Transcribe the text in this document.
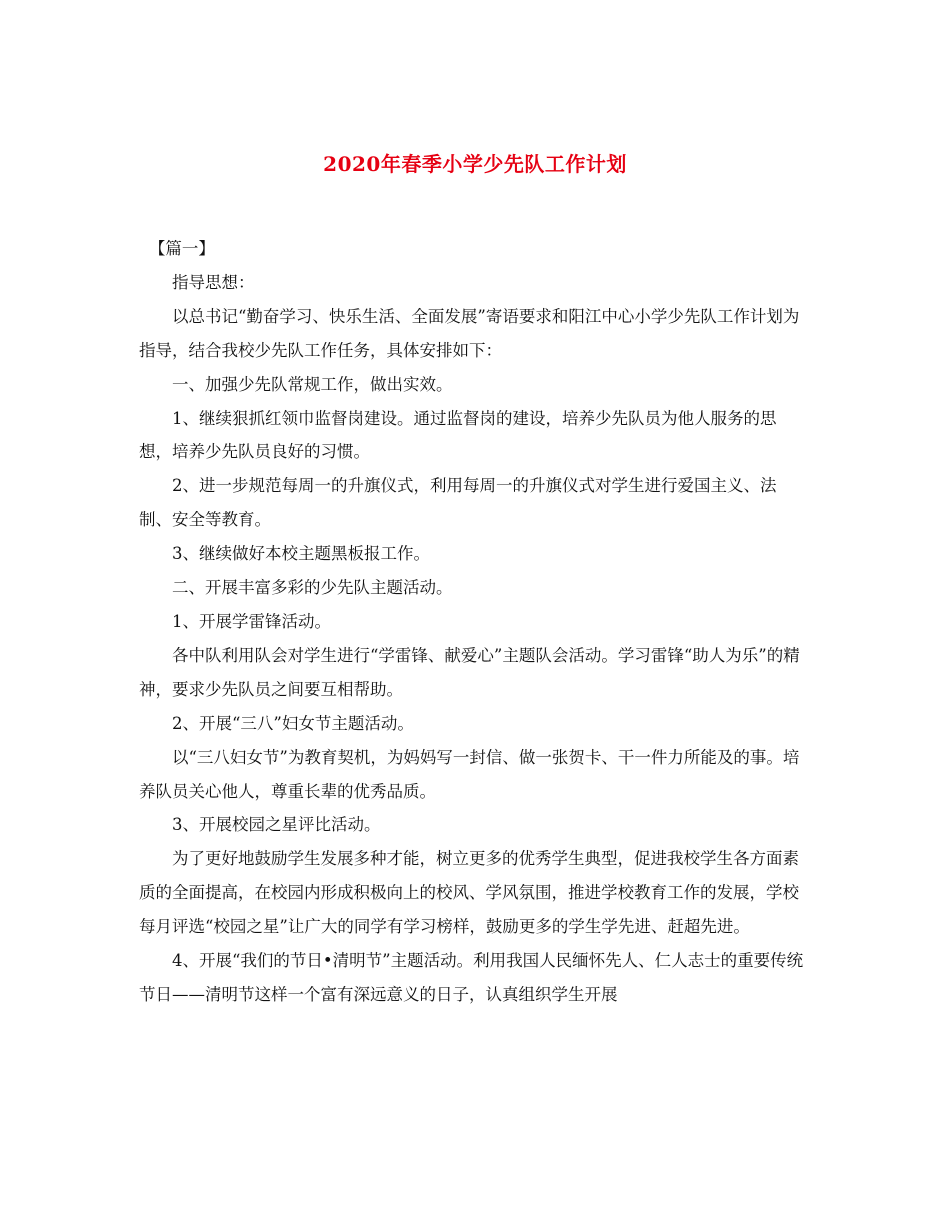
2020年春季小学少先队工作计划

【篇一】

指导思想：

以总书记“勤奋学习、快乐生活、全面发展”寄语要求和阳江中心小学少先队工作计划为指导，结合我校少先队工作任务，具体安排如下：

一、加强少先队常规工作，做出实效。

1、继续狠抓红领巾监督岗建设。通过监督岗的建设，培养少先队员为他人服务的思想，培养少先队员良好的习惯。

2、进一步规范每周一的升旗仪式，利用每周一的升旗仪式对学生进行爱国主义、法制、安全等教育。

3、继续做好本校主题黑板报工作。

二、开展丰富多彩的少先队主题活动。

1、开展学雷锋活动。

各中队利用队会对学生进行“学雷锋、献爱心”主题队会活动。学习雷锋“助人为乐”的精神，要求少先队员之间要互相帮助。

2、开展“三八”妇女节主题活动。

以“三八妇女节”为教育契机，为妈妈写一封信、做一张贺卡、干一件力所能及的事。培养队员关心他人，尊重长辈的优秀品质。

3、开展校园之星评比活动。

为了更好地鼓励学生发展多种才能，树立更多的优秀学生典型，促进我校学生各方面素质的全面提高，在校园内形成积极向上的校风、学风氛围，推进学校教育工作的发展，学校每月评选“校园之星”让广大的同学有学习榜样，鼓励更多的学生学先进、赶超先进。

4、开展“我们的节日•清明节”主题活动。利用我国人民缅怀先人、仁人志士的重要传统节日——清明节这样一个富有深远意义的日子，认真组织学生开展
